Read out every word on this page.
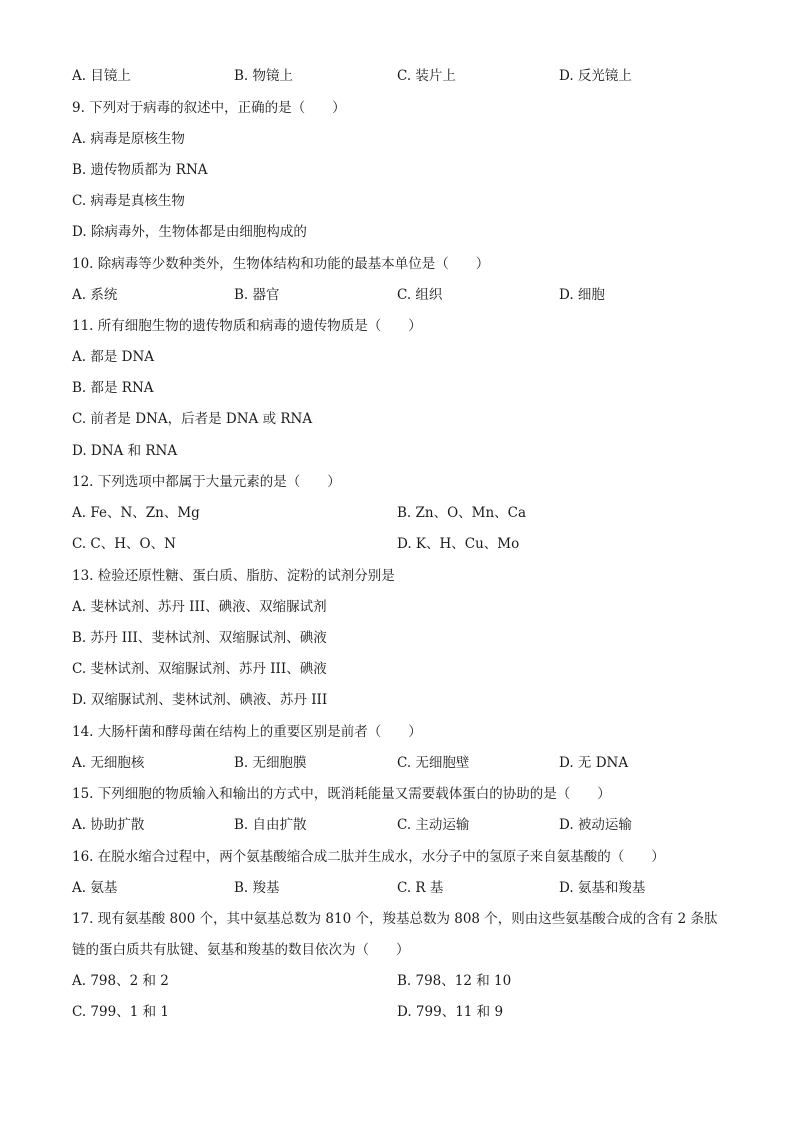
A. 目镜上	B. 物镜上	C. 装片上	D. 反光镜上
9. 下列对于病毒的叙述中，正确的是（　　）
A. 病毒是原核生物
B. 遗传物质都为 RNA
C. 病毒是真核生物
D. 除病毒外，生物体都是由细胞构成的
10. 除病毒等少数种类外，生物体结构和功能的最基本单位是（　　）
A. 系统	B. 器官	C. 组织	D. 细胞
11. 所有细胞生物的遗传物质和病毒的遗传物质是（　　）
A. 都是 DNA
B. 都是 RNA
C. 前者是 DNA，后者是 DNA 或 RNA
D. DNA 和 RNA
12. 下列选项中都属于大量元素的是（　　）
A. Fe、N、Zn、Mg	B. Zn、O、Mn、Ca
C. C、H、O、N	D. K、H、Cu、Mo
13. 检验还原性糖、蛋白质、脂肪、淀粉的试剂分别是
A. 斐林试剂、苏丹 III、碘液、双缩脲试剂
B. 苏丹 III、斐林试剂、双缩脲试剂、碘液
C. 斐林试剂、双缩脲试剂、苏丹 III、碘液
D. 双缩脲试剂、斐林试剂、碘液、苏丹 III
14. 大肠杆菌和酵母菌在结构上的重要区别是前者（　　）
A. 无细胞核	B. 无细胞膜	C. 无细胞壁	D. 无 DNA
15. 下列细胞的物质输入和输出的方式中，既消耗能量又需要载体蛋白的协助的是（　　）
A. 协助扩散	B. 自由扩散	C. 主动运输	D. 被动运输
16. 在脱水缩合过程中，两个氨基酸缩合成二肽并生成水，水分子中的氢原子来自氨基酸的（　　）
A. 氨基	B. 羧基	C. R 基	D. 氨基和羧基
17. 现有氨基酸 800 个，其中氨基总数为 810 个，羧基总数为 808 个，则由这些氨基酸合成的含有 2 条肽
链的蛋白质共有肽键、氨基和羧基的数目依次为（　　）
A. 798、2 和 2	B. 798、12 和 10
C. 799、1 和 1	D. 799、11 和 9
